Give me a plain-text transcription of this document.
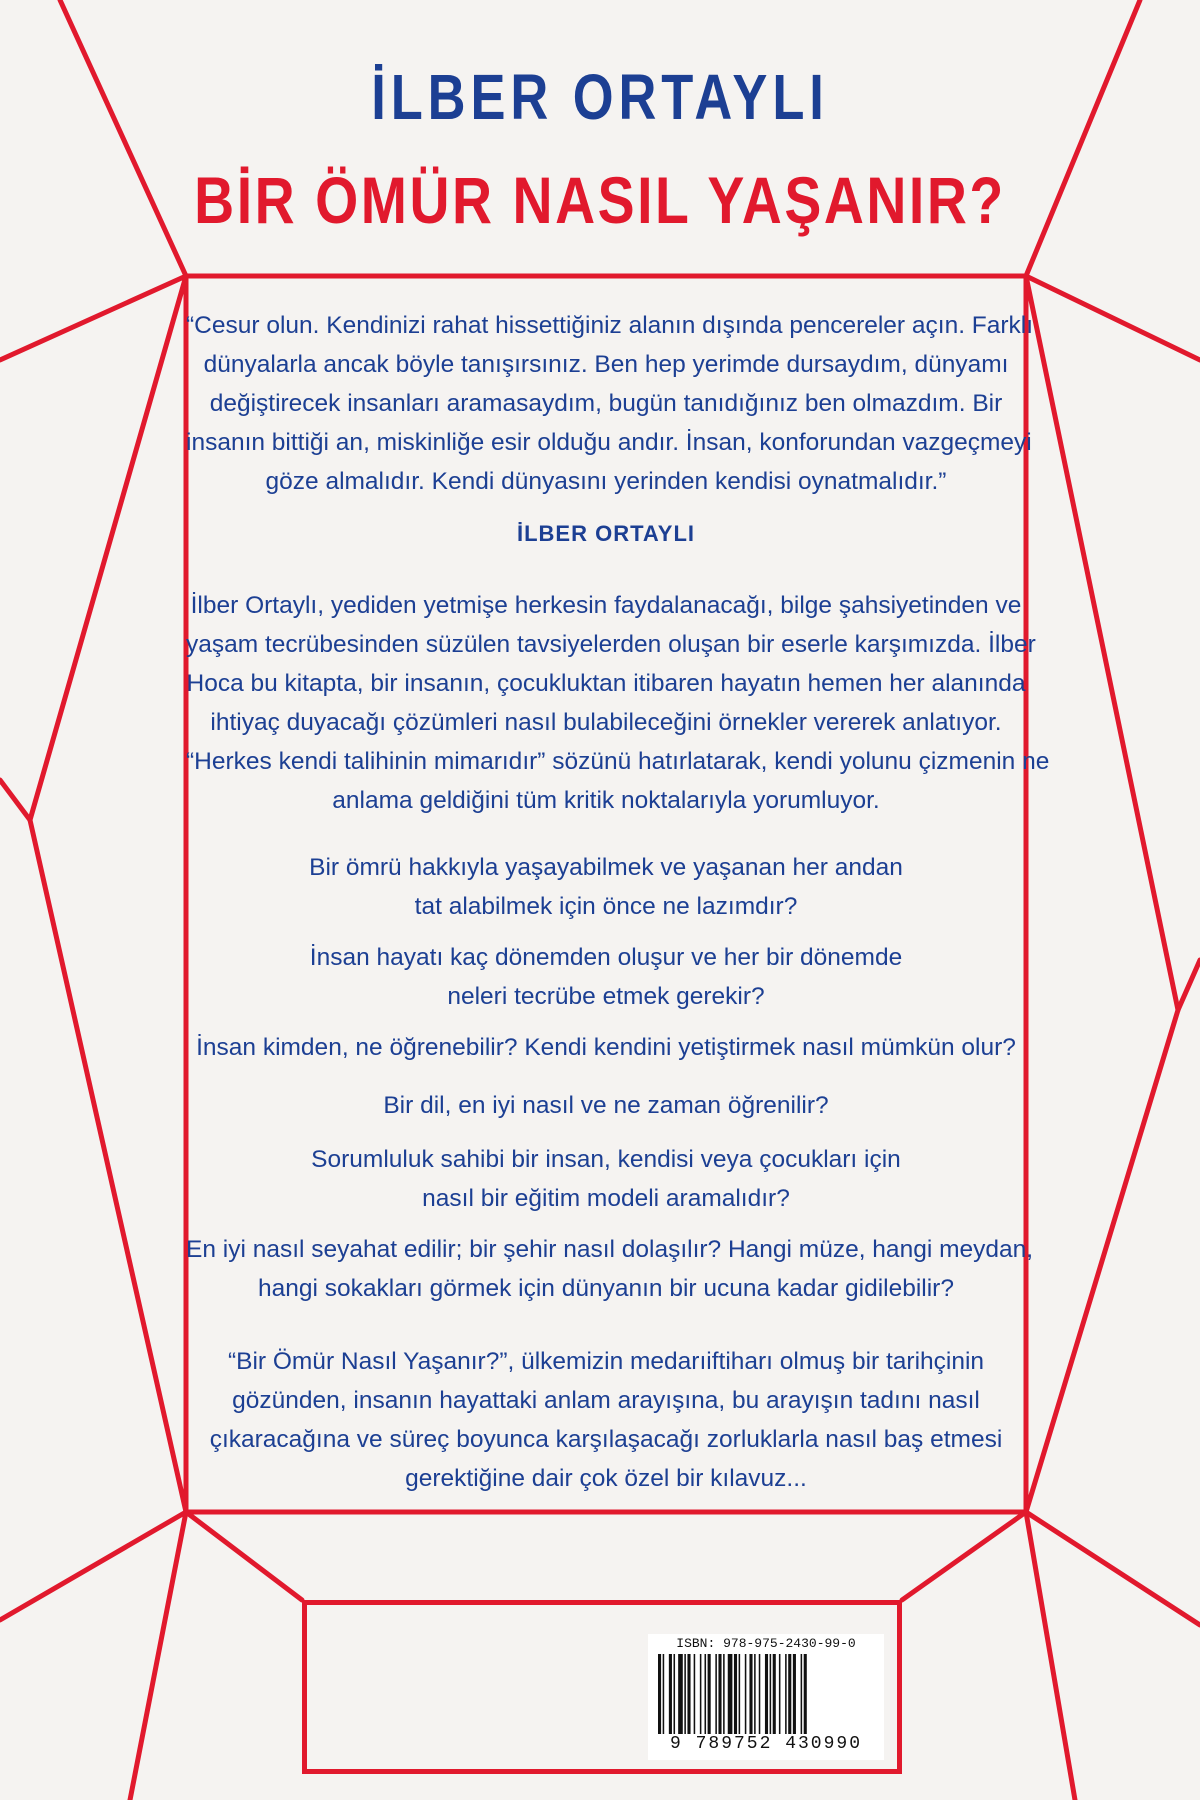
İLBER ORTAYLI
BİR ÖMÜR NASIL YAŞANIR?
“Cesur olun. Kendinizi rahat hissettiğiniz alanın dışında pencereler açın. Farklı
dünyalarla ancak böyle tanışırsınız. Ben hep yerimde dursaydım, dünyamı
değiştirecek insanları aramasaydım, bugün tanıdığınız ben olmazdım. Bir
insanın bittiği an, miskinliğe esir olduğu andır. İnsan, konforundan vazgeçmeyi
göze almalıdır. Kendi dünyasını yerinden kendisi oynatmalıdır.”
İLBER ORTAYLI
İlber Ortaylı, yediden yetmişe herkesin faydalanacağı, bilge şahsiyetinden ve
yaşam tecrübesinden süzülen tavsiyelerden oluşan bir eserle karşımızda. İlber
Hoca bu kitapta, bir insanın, çocukluktan itibaren hayatın hemen her alanında
ihtiyaç duyacağı çözümleri nasıl bulabileceğini örnekler vererek anlatıyor.
“Herkes kendi talihinin mimarıdır” sözünü hatırlatarak, kendi yolunu çizmenin ne
anlama geldiğini tüm kritik noktalarıyla yorumluyor.
Bir ömrü hakkıyla yaşayabilmek ve yaşanan her andan
tat alabilmek için önce ne lazımdır?
İnsan hayatı kaç dönemden oluşur ve her bir dönemde
neleri tecrübe etmek gerekir?
İnsan kimden, ne öğrenebilir? Kendi kendini yetiştirmek nasıl mümkün olur?
Bir dil, en iyi nasıl ve ne zaman öğrenilir?
Sorumluluk sahibi bir insan, kendisi veya çocukları için
nasıl bir eğitim modeli aramalıdır?
En iyi nasıl seyahat edilir; bir şehir nasıl dolaşılır? Hangi müze, hangi meydan,
hangi sokakları görmek için dünyanın bir ucuna kadar gidilebilir?
“Bir Ömür Nasıl Yaşanır?”, ülkemizin medarıiftiharı olmuş bir tarihçinin
gözünden, insanın hayattaki anlam arayışına, bu arayışın tadını nasıl
çıkaracağına ve süreç boyunca karşılaşacağı zorluklarla nasıl baş etmesi
gerektiğine dair çok özel bir kılavuz...
ISBN: 978-975-2430-99-0
9 789752 430990
